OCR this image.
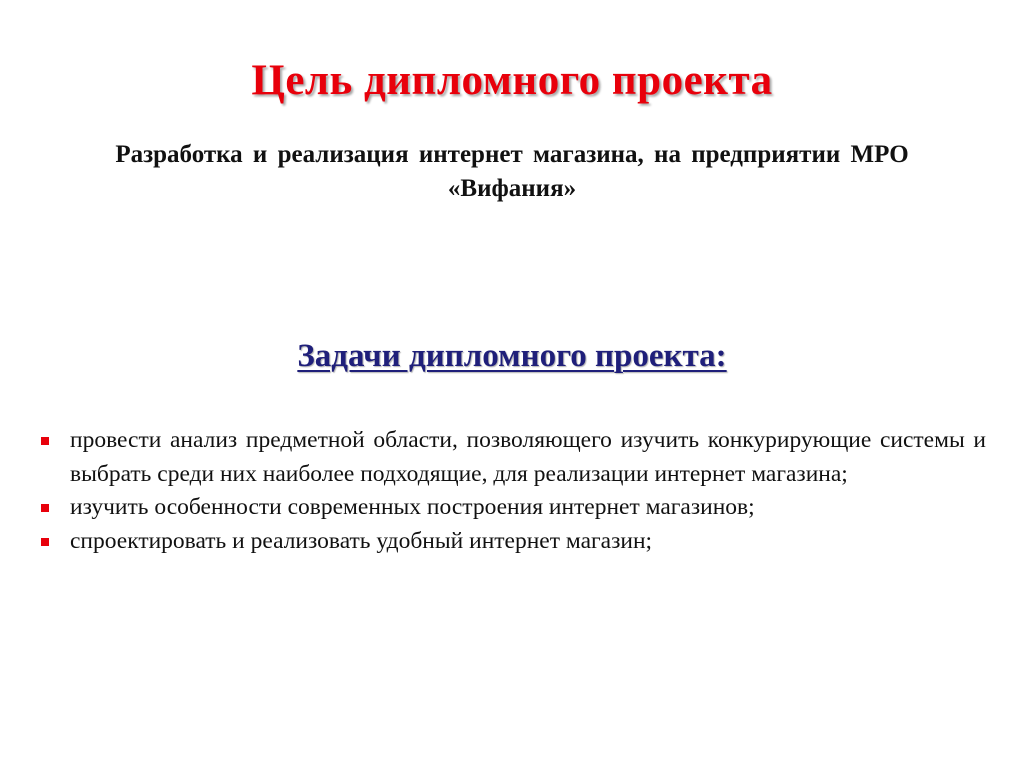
Цель дипломного проекта
Разработка и реализация интернет магазина, на предприятии МРО «Вифания»
Задачи дипломного проекта:
провести анализ предметной области, позволяющего изучить конкурирующие системы и выбрать среди них наиболее подходящие, для реализации интернет магазина;
изучить особенности современных построения интернет магазинов;
спроектировать и реализовать удобный интернет магазин;
